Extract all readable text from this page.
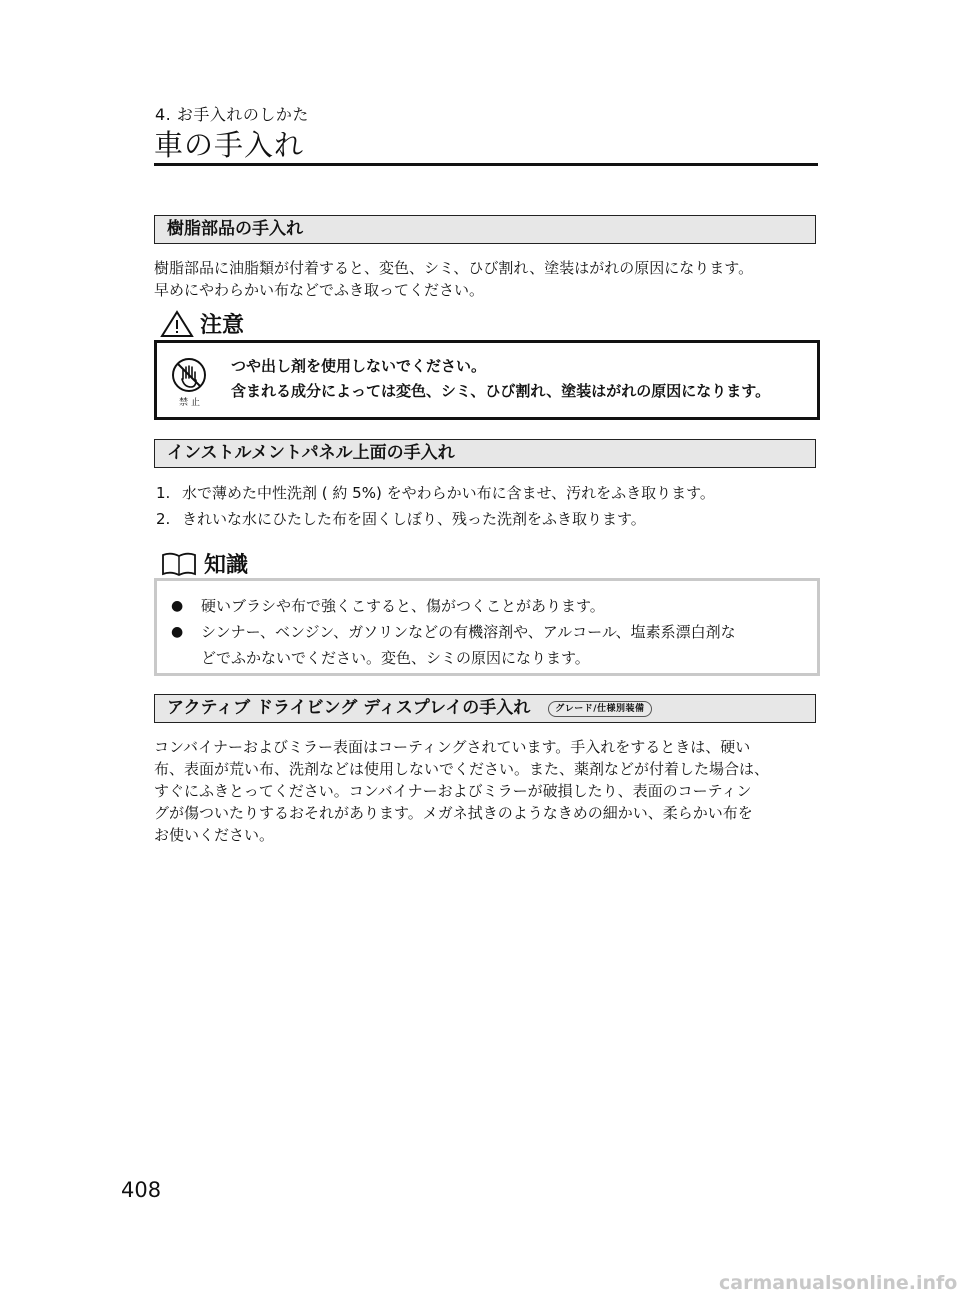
4. お手入れのしかた
車の手入れ
樹脂部品の手入れ
樹脂部品に油脂類が付着すると、変色、シミ、ひび割れ、塗装はがれの原因になります。
早めにやわらかい布などでふき取ってください。
注意
禁止
つや出し剤を使用しないでください。
含まれる成分によっては変色、シミ、ひび割れ、塗装はがれの原因になります。
インストルメントパネル上面の手入れ
1. 水で薄めた中性洗剤 ( 約 5%) をやわらかい布に含ませ、汚れをふき取ります。
2. きれいな水にひたした布を固くしぼり、残った洗剤をふき取ります。
知識
●	硬いブラシや布で強くこすると、傷がつくことがあります。
●	シンナー、ベンジン、ガソリンなどの有機溶剤や、アルコール、塩素系漂白剤な
どでふかないでください。変色、シミの原因になります。
アクティブ ドライビング ディスプレイの手入れ	グレード/仕様別装備
コンバイナーおよびミラー表面はコーティングされています。手入れをするときは、硬い
布、表面が荒い布、洗剤などは使用しないでください。また、薬剤などが付着した場合は、
すぐにふきとってください。コンバイナーおよびミラーが破損したり、表面のコーティン
グが傷ついたりするおそれがあります。メガネ拭きのようなきめの細かい、柔らかい布を
お使いください。
408
carmanualsonline.info
